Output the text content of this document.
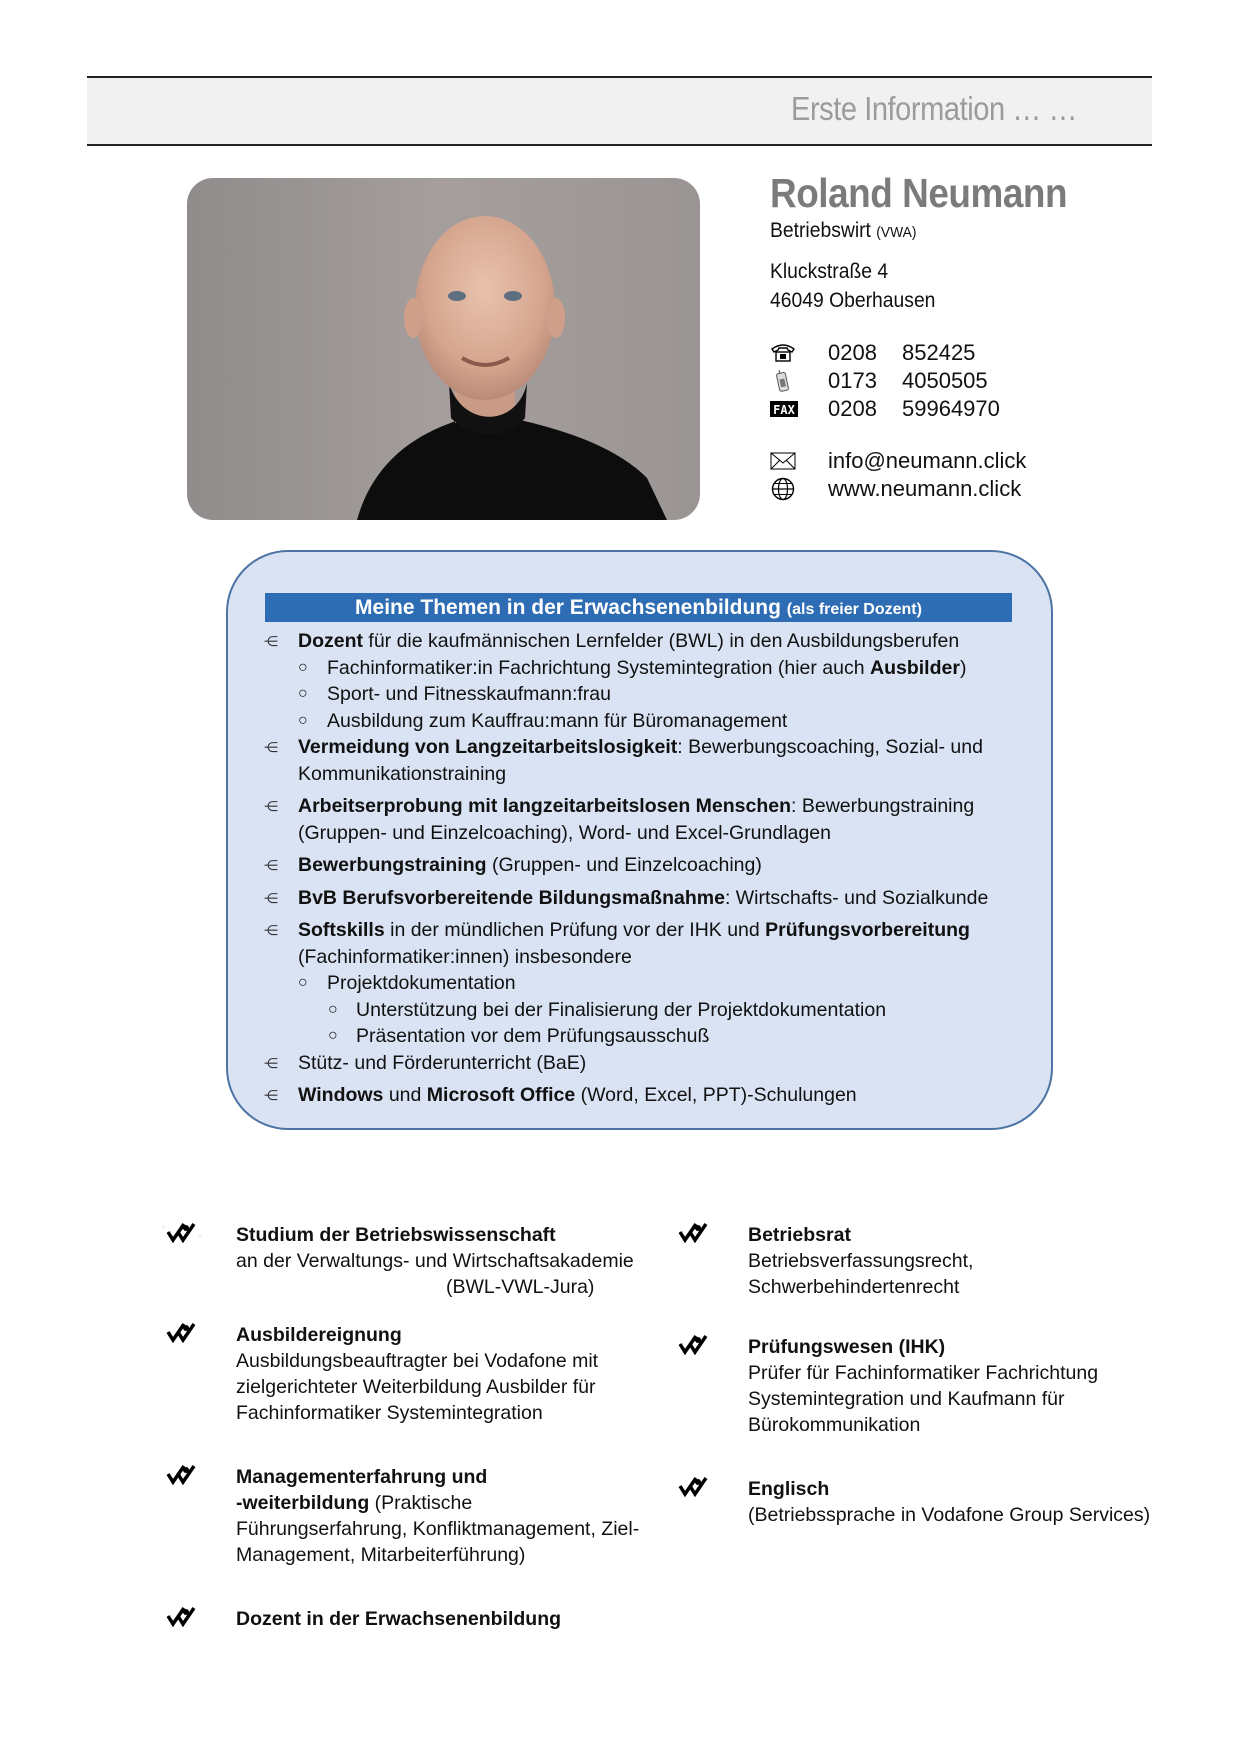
Erste Information … …
Roland Neumann
Betriebswirt (VWA)
Kluckstraße 4
46049 Oberhausen
0208	852425
0173	4050505
FAX 0208	59964970
info@neumann.click
www.neumann.click
Meine Themen in der Erwachsenenbildung (als freier Dozent)
⋲ Dozent für die kaufmännischen Lernfelder (BWL) in den Ausbildungsberufen
○ Fachinformatiker:in Fachrichtung Systemintegration (hier auch Ausbilder)
○ Sport- und Fitnesskaufmann:frau
○ Ausbildung zum Kauffrau:mann für Büromanagement
⋲ Vermeidung von Langzeitarbeitslosigkeit: Bewerbungscoaching, Sozial- und Kommunikationstraining
⋲ Arbeitserprobung mit langzeitarbeitslosen Menschen: Bewerbungstraining (Gruppen- und Einzelcoaching), Word- und Excel-Grundlagen
⋲ Bewerbungstraining (Gruppen- und Einzelcoaching)
⋲ BvB Berufsvorbereitende Bildungsmaßnahme: Wirtschafts- und Sozialkunde
⋲ Softskills in der mündlichen Prüfung vor der IHK und Prüfungsvorbereitung (Fachinformatiker:innen) insbesondere
○ Projektdokumentation
○ Unterstützung bei der Finalisierung der Projektdokumentation
○ Präsentation vor dem Prüfungsausschuß
⋲ Stütz- und Förderunterricht (BaE)
⋲ Windows und Microsoft Office (Word, Excel, PPT)-Schulungen
∴
∵ Studium der Betriebswissenschaft
an der Verwaltungs- und Wirtschaftsakademie
(BWL-VWL-Jura)
Ausbildereignung
Ausbildungsbeauftragter bei Vodafone mit zielgerichteter Weiterbildung Ausbilder für Fachinformatiker Systemintegration
Managementerfahrung und
-weiterbildung (Praktische Führungserfahrung, Konfliktmanagement, Ziel-Management, Mitarbeiterführung)
Dozent in der Erwachsenenbildung
Betriebsrat
Betriebsverfassungsrecht,
Schwerbehindertenrecht
Prüfungswesen (IHK)
Prüfer für Fachinformatiker Fachrichtung Systemintegration und Kaufmann für Bürokommunikation
Englisch
(Betriebssprache in Vodafone Group Services)
